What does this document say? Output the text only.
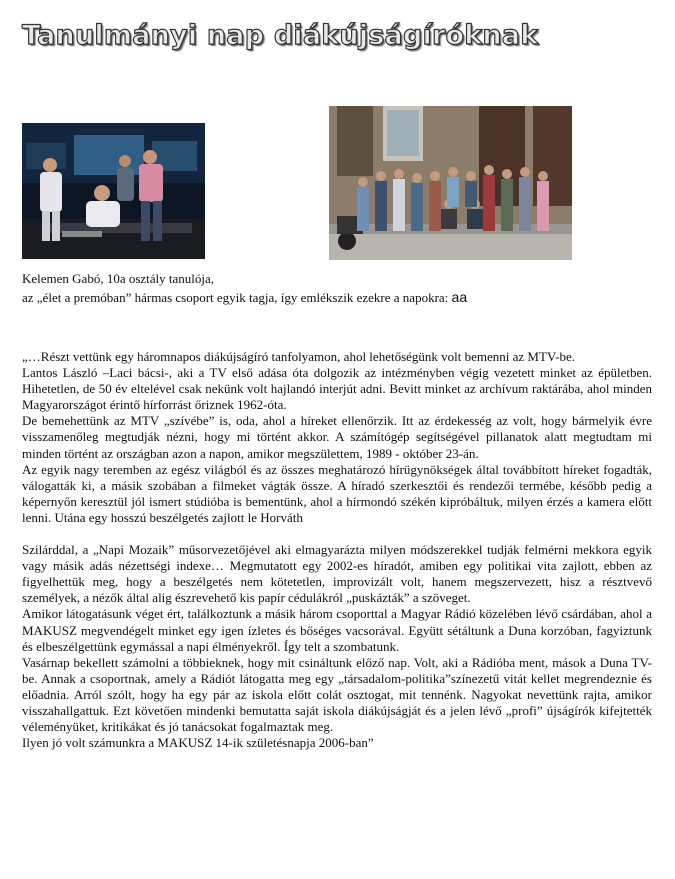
Tanulmányi nap diákújságíróknak
Kelemen Gabó, 10a osztály tanulója,
az „élet a premóban” hármas csoport egyik tagja, így emlékszik ezekre a napokra: aa

„…Részt vettünk egy háromnapos diákújságíró tanfolyamon, ahol lehetőségünk volt bemenni az MTV-be.

Lantos László –Laci bácsi-, aki a TV első adása óta dolgozik az intézményben végig vezetett minket az épületben. Hihetetlen, de 50 év eltelével csak nekünk volt hajlandó interjút adni. Bevitt minket az archívum raktárába, ahol minden Magyarországot érintő hírforrást őriznek 1962-óta.

De bemehettünk az MTV „szívébe” is, oda, ahol a híreket ellenőrzik. Itt az érdekesség az volt, hogy bármelyik évre visszamenőleg megtudják nézni, hogy mi történt akkor. A számítógép segítségével pillanatok alatt megtudtam mi minden történt az országban azon a napon, amikor megszülettem, 1989 - október 23-án.

Az egyik nagy teremben az egész világból és az összes meghatározó hírügynökségek által továbbított híreket fogadták, válogatták ki, a másik szobában a filmeket vágták össze. A híradó szerkesztői és rendezői termébe, később pedig a képernyőn keresztül jól ismert stúdióba is bementünk, ahol a hírmondó székén kipróbáltuk, milyen érzés a kamera előtt lenni. Utána egy hosszú beszélgetés zajlott le Horváth

Szilárddal, a „Napi Mozaik” műsorvezetőjével aki elmagyarázta milyen módszerekkel tudják felmérni mekkora egyik vagy másik adás nézettségi indexe… Megmutatott egy 2002-es híradót, amiben egy politikai vita zajlott, ebben az figyelhettük meg, hogy a beszélgetés nem kötetetlen, improvizált volt, hanem megszervezett, hisz a résztvevő személyek, a nézők által alig észrevehető kis papír cédulákról „puskázták” a szöveget.

Amikor látogatásunk véget ért, találkoztunk a másik három csoporttal a Magyar Rádió közelében lévő csárdában, ahol a MAKUSZ megvendégelt minket egy igen ízletes és bőséges vacsorával. Együtt sétáltunk a Duna korzóban, fagyiztunk és elbeszélgettünk egymással a napi élményekről. Így telt a szombatunk.

Vasárnap bekellett számolni a többieknek, hogy mit csináltunk előző nap. Volt, aki a Rádióba ment, mások a Duna TV-be. Annak a csoportnak, amely a Rádiót látogatta meg egy „társadalom-politika”színezetű vitát kellet megrendeznie és előadnia. Arról szólt, hogy ha egy pár az iskola előtt colát osztogat, mit tennénk. Nagyokat nevettünk rajta, amikor visszahallgattuk. Ezt követően mindenki bemutatta saját iskola diákújságját és a jelen lévő „profi” újságírók kifejtették véleményüket, kritikákat és jó tanácsokat fogalmaztak meg.

Ilyen jó volt számunkra a MAKUSZ 14-ik születésnapja 2006-ban”
